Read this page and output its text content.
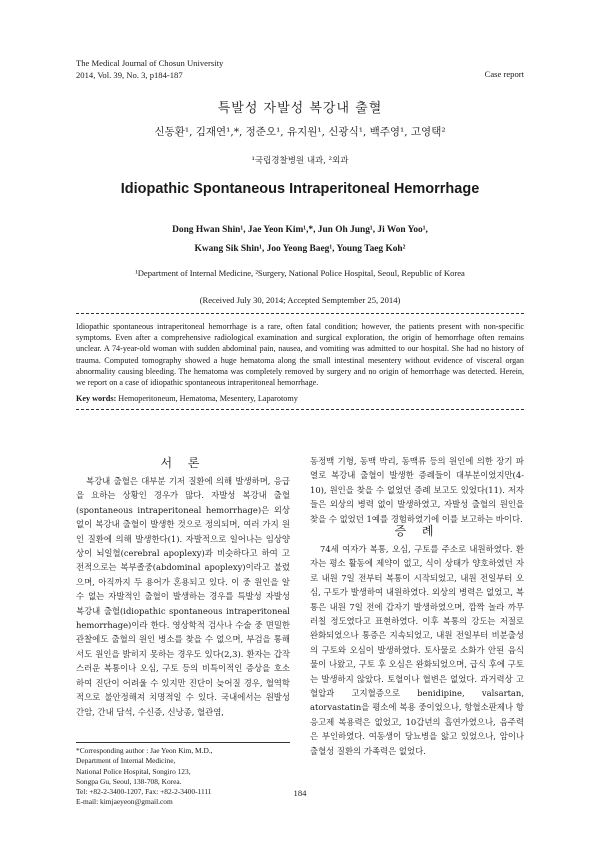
The Medical Journal of Chosun University
2014, Vol. 39, No. 3, p184-187	Case report
특발성 자발성 복강내 출혈
신동환¹, 김재연¹,*, 정준오¹, 유지원¹, 신광식¹, 백주영¹, 고영택²
¹국립경찰병원 내과, ²외과
Idiopathic Spontaneous Intraperitoneal Hemorrhage
Dong Hwan Shin¹, Jae Yeon Kim¹,*, Jun Oh Jung¹, Ji Won Yoo¹,
Kwang Sik Shin¹, Joo Yeong Baeg¹, Young Taeg Koh²
¹Department of Internal Medicine, ²Surgery, National Police Hospital, Seoul, Republic of Korea
(Received July 30, 2014; Accepted Semptember 25, 2014)
Idiopathic spontaneous intraperitoneal hemorrhage is a rare, often fatal condition; however, the patients present with non-specific symptoms. Even after a comprehensive radiological examination and surgical exploration, the origin of hemorrhage often remains unclear. A 74-year-old woman with sudden abdominal pain, nausea, and vomiting was admitted to our hospital. She had no history of trauma. Computed tomography showed a huge hematoma along the small intestinal mesentery without evidence of visceral organ abnormality causing bleeding. The hematoma was completely removed by surgery and no origin of hemorrhage was detected. Herein, we report on a case of idiopathic spontaneous intraperitoneal hemorrhage.
Key words: Hemoperitoneum, Hematoma, Mesentery, Laparotomy
서 론

복강내 출혈은 대부분 기저 질환에 의해 발생하며, 응급을 요하는 상황인 경우가 많다. 자발성 복강내 출혈(spontaneous intraperitoneal hemorrhage)은 외상없이 복강내 출혈이 발생한 것으로 정의되며, 여러 가지 원인 질환에 의해 발생한다(1). 자발적으로 일어나는 임상양상이 뇌일혈(cerebral apoplexy)과 비슷하다고 하여 고전적으로는 복부졸중(abdominal apoplexy)이라고 불렸으며, 아직까지 두 용어가 혼용되고 있다. 이 중 원인을 알 수 없는 자발적인 출혈이 발생하는 경우를 특발성 자발성 복강내 출혈(idiopathic spontaneous intraperitoneal hemorrhage)이라 한다. 영상학적 검사나 수술 중 면밀한 관찰에도 출혈의 원인 병소를 찾을 수 없으며, 부검을 통해서도 원인을 밝히지 못하는 경우도 있다(2,3). 환자는 갑작스러운 복통이나 오심, 구토 등의 비특이적인 증상을 호소하여 진단이 어려울 수 있지만 진단이 늦어질 경우, 혈역학적으로 불안정해져 치명적일 수 있다. 국내에서는 원발성 간암, 간내 담석, 수신증, 신낭종, 혈관염,

*Corresponding author : Jae Yeon Kim, M.D.,
Department of Internal Medicine,
National Police Hospital, Songiro 123,
Songpa Gu, Seoul, 138-708, Korea.
Tel: +82-2-3400-1207, Fax: +82-2-3400-1111
E-mail: kimjaeyeon@gmail.com

동정맥 기형, 동맥 박리, 동맥류 등의 원인에 의한 장기 파열로 복강내 출혈이 발생한 증례들이 대부분이었지만(4-10), 원인을 찾을 수 없었던 증례 보고도 있었다(11). 저자들은 외상의 병력 없이 발생하였고, 자발성 출혈의 원인을 찾을 수 없었던 1예를 경험하였기에 이를 보고하는 바이다.

증 례

74세 여자가 복통, 오심, 구토를 주소로 내원하였다. 환자는 평소 활동에 제약이 없고, 식이 상태가 양호하였던 자로 내원 7일 전부터 복통이 시작되었고, 내원 전일부터 오심, 구토가 발생하여 내원하였다. 외상의 병력은 없었고, 복통은 내원 7일 전에 갑자기 발생하였으며, 깜짝 놀라 까무러칠 정도였다고 표현하였다. 이후 복통의 강도는 저절로 완화되었으나 통증은 지속되었고, 내원 전일부터 비분출성의 구토와 오심이 발생하였다. 토사물로 소화가 안된 음식물이 나왔고, 구토 후 오심은 완화되었으며, 급식 후에 구토는 발생하지 않았다. 토혈이나 혈변은 없었다. 과거력상 고혈압과 고지혈증으로 benidipine, valsartan, atorvastatin을 평소에 복용 중이었으나, 항혈소판제나 항응고제 복용력은 없었고, 10갑년의 흡연가였으나, 음주력은 부인하였다. 여동생이 당뇨병을 앓고 있었으나, 암이나 출혈성 질환의 가족력은 없었다.

184
